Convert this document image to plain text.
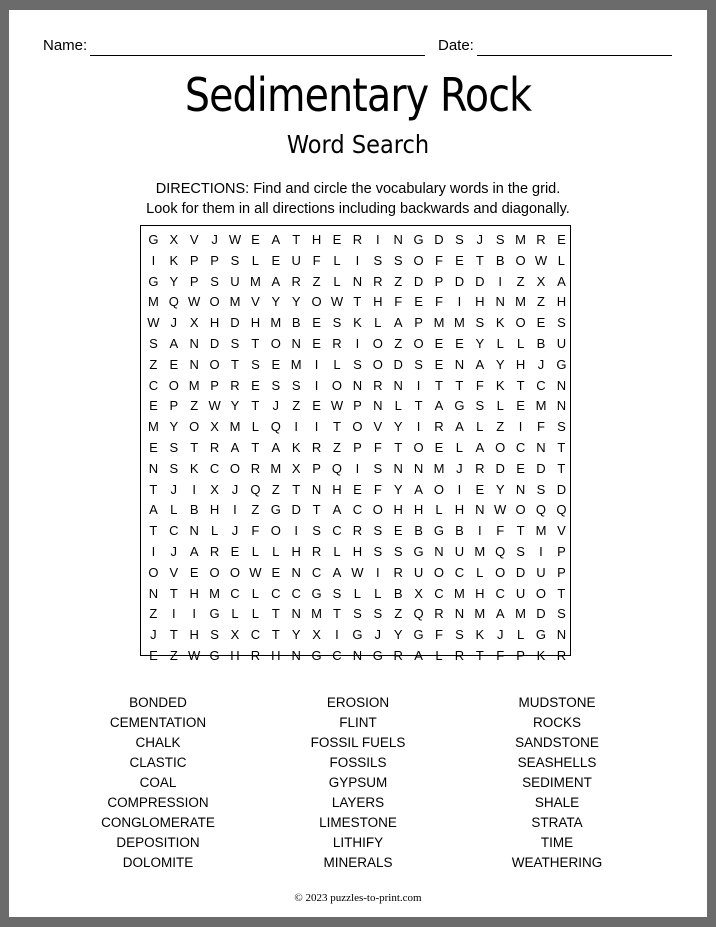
Name:	Date:
Sedimentary Rock
Word Search
DIRECTIONS: Find and circle the vocabulary words in the grid.
Look for them in all directions including backwards and diagonally.
G X V J W E A T H E R	I	N G D S J S M R E
I	K P P S L E U F L	I	S S O F E T B O W L
G Y P S U M A R Z L N R Z D P D D	I	Z X A
M Q W O M V Y Y O W T H F E F	I	H N M Z H
W J X H D H M B E S K L A P M M S K O E S
S A N D S T O N E R	I	O Z O E E Y L	L B U
Z E N O T S E M	I	L S O D S E N A Y H J G
C O M P R E S S	I	O N R N	I	T T F K T C N
E P Z W Y T	J	Z E W P N L T A G S L E M N
M Y O X M L Q	I	I	T O V Y	I	R A L Z	I	F S
E S T R A T A K R Z P F T O E L A O C N T
N S K C O R M X P Q	I	S N N M J R D E D T
T	J	I	X J Q Z T N H E F Y A O	I	E Y N S D
A L B H	I	Z G D T A C O H H L H N W O Q Q
T C N L	J	F O	I	S C R S E B G B	I	F T M V
I	J A R E L	L H R L H S S G N U M Q S	I	P
O V E O O W E N C A W I	R U O C L O D U P
N T H M C L C C G S L	L B X C M H C U O T
Z	I	I	G L	L T N M T S S Z Q R N M A M D S
J	T H S X C T Y X	I	G J Y G F S K J	L G N
E Z W G H R H N G C N G R A L R T F P K R
BONDED
CEMENTATION
CHALK
CLASTIC
COAL
COMPRESSION
CONGLOMERATE
DEPOSITION
DOLOMITE
EROSION
FLINT
FOSSIL FUELS
FOSSILS
GYPSUM
LAYERS
LIMESTONE
LITHIFY
MINERALS
MUDSTONE
ROCKS
SANDSTONE
SEASHELLS
SEDIMENT
SHALE
STRATA
TIME
WEATHERING
© 2023 puzzles-to-print.com
